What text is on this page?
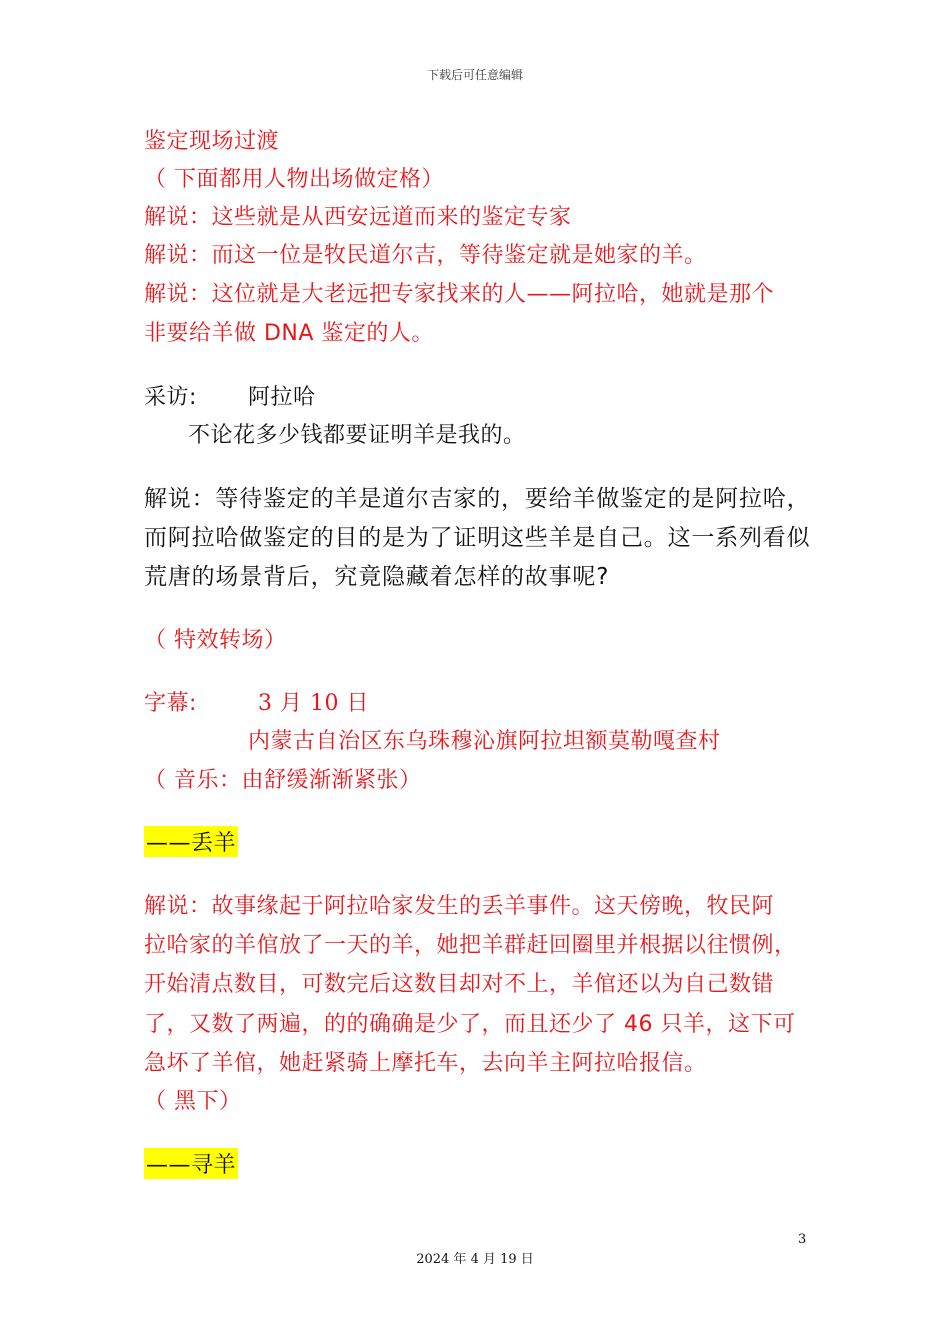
下载后可任意编辑
鉴定现场过渡
（ 下面都用人物出场做定格）
解说：这些就是从西安远道而来的鉴定专家
解说：而这一位是牧民道尔吉，等待鉴定就是她家的羊。
解说：这位就是大老远把专家找来的人——阿拉哈，她就是那个
非要给羊做 DNA 鉴定的人。
采访: 阿拉哈
不论花多少钱都要证明羊是我的。
解说：等待鉴定的羊是道尔吉家的，要给羊做鉴定的是阿拉哈，
而阿拉哈做鉴定的目的是为了证明这些羊是自己。这一系列看似
荒唐的场景背后，究竟隐藏着怎样的故事呢?
（ 特效转场）
字幕:	3 月 10 日
内蒙古自治区东乌珠穆沁旗阿拉坦额莫勒嘎查村
（ 音乐：由舒缓渐渐紧张）
——丢羊
解说：故事缘起于阿拉哈家发生的丢羊事件。这天傍晚，牧民阿
拉哈家的羊倌放了一天的羊，她把羊群赶回圈里并根据以往惯例，
开始清点数目，可数完后这数目却对不上，羊倌还以为自己数错
了，又数了两遍，的的确确是少了，而且还少了 46 只羊，这下可
急坏了羊倌，她赶紧骑上摩托车，去向羊主阿拉哈报信。
（ 黑下）
——寻羊
3
2024 年 4 月 19 日
